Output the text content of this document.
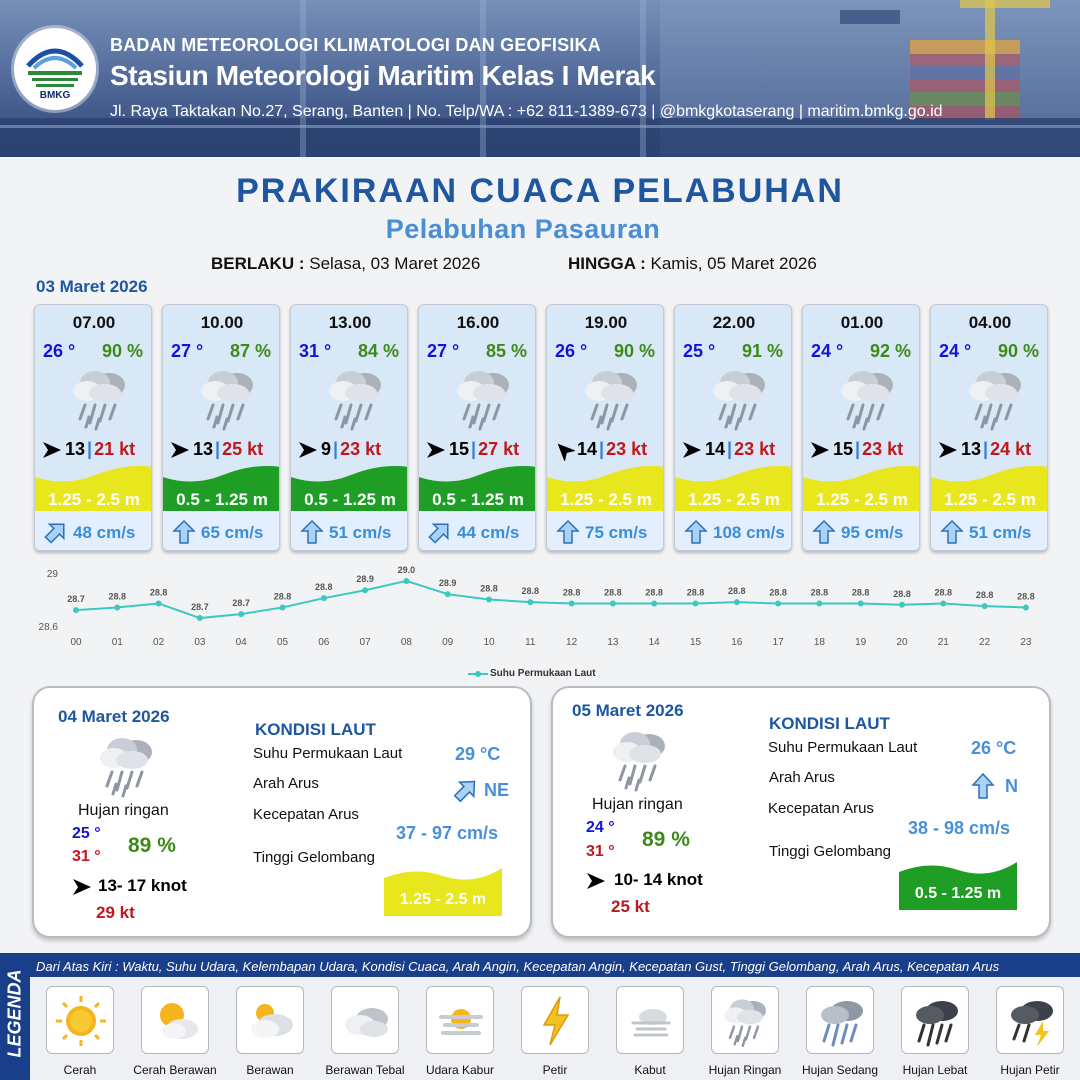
BMKG
BADAN METEOROLOGI KLIMATOLOGI DAN GEOFISIKA
Stasiun Meteorologi Maritim Kelas I Merak
Jl. Raya Taktakan No.27, Serang, Banten | No. Telp/WA : +62 811-1389-673 | @bmkgkotaserang | maritim.bmkg.go.id
PRAKIRAAN CUACA PELABUHAN
Pelabuhan Pasauran
BERLAKU : Selasa, 03 Maret 2026	HINGGA : Kamis, 05 Maret 2026
03 Maret 2026
07.00
26 ° 90 %
13 | 21 kt
1.25 - 2.5 m
48 cm/s
10.00
27 ° 87 %
13 | 25 kt
0.5 - 1.25 m
65 cm/s
13.00
31 ° 84 %
9 | 23 kt
0.5 - 1.25 m
51 cm/s
16.00
27 ° 85 %
15 | 27 kt
0.5 - 1.25 m
44 cm/s
19.00
26 ° 90 %
14 | 23 kt
1.25 - 2.5 m
75 cm/s
22.00
25 ° 91 %
14 | 23 kt
1.25 - 2.5 m
108 cm/s
01.00
24 ° 92 %
15 | 23 kt
1.25 - 2.5 m
95 cm/s
04.00
24 ° 90 %
13 | 24 kt
1.25 - 2.5 m
51 cm/s
29
28.6
28.7
00
28.8
01
28.8
02
28.7
03
28.7
04
28.8
05
28.8
06
28.9
07
29.0
08
28.9
09
28.8
10
28.8
11
28.8
12
28.8
13
28.8
14
28.8
15
28.8
16
28.8
17
28.8
18
28.8
19
28.8
20
28.8
21
28.8
22
28.8
23
Suhu Permukaan Laut
04 Maret 2026
Hujan ringan
25 °
31 ° 89 %
13- 17 knot
29 kt
KONDISI LAUT
Suhu Permukaan Laut	29 °C
Arah Arus	NE
Kecepatan Arus
37 - 97 cm/s
Tinggi Gelombang
1.25 - 2.5 m
05 Maret 2026
Hujan ringan
24 °
31 °
89 %
10- 14 knot
25 kt
KONDISI LAUT
Suhu Permukaan Laut	26 °C
Arah Arus	N
Kecepatan Arus
38 - 98 cm/s
Tinggi Gelombang
0.5 - 1.25 m
LEGENDA
Dari Atas Kiri : Waktu, Suhu Udara, Kelembapan Udara, Kondisi Cuaca, Arah Angin, Kecepatan Angin, Kecepatan Gust, Tinggi Gelombang, Arah Arus, Kecepatan Arus
Cerah	Cerah Berawan	Berawan	Berawan Tebal	Udara Kabur	Petir	Kabut	Hujan Ringan	Hujan Sedang	Hujan Lebat	Hujan Petir
